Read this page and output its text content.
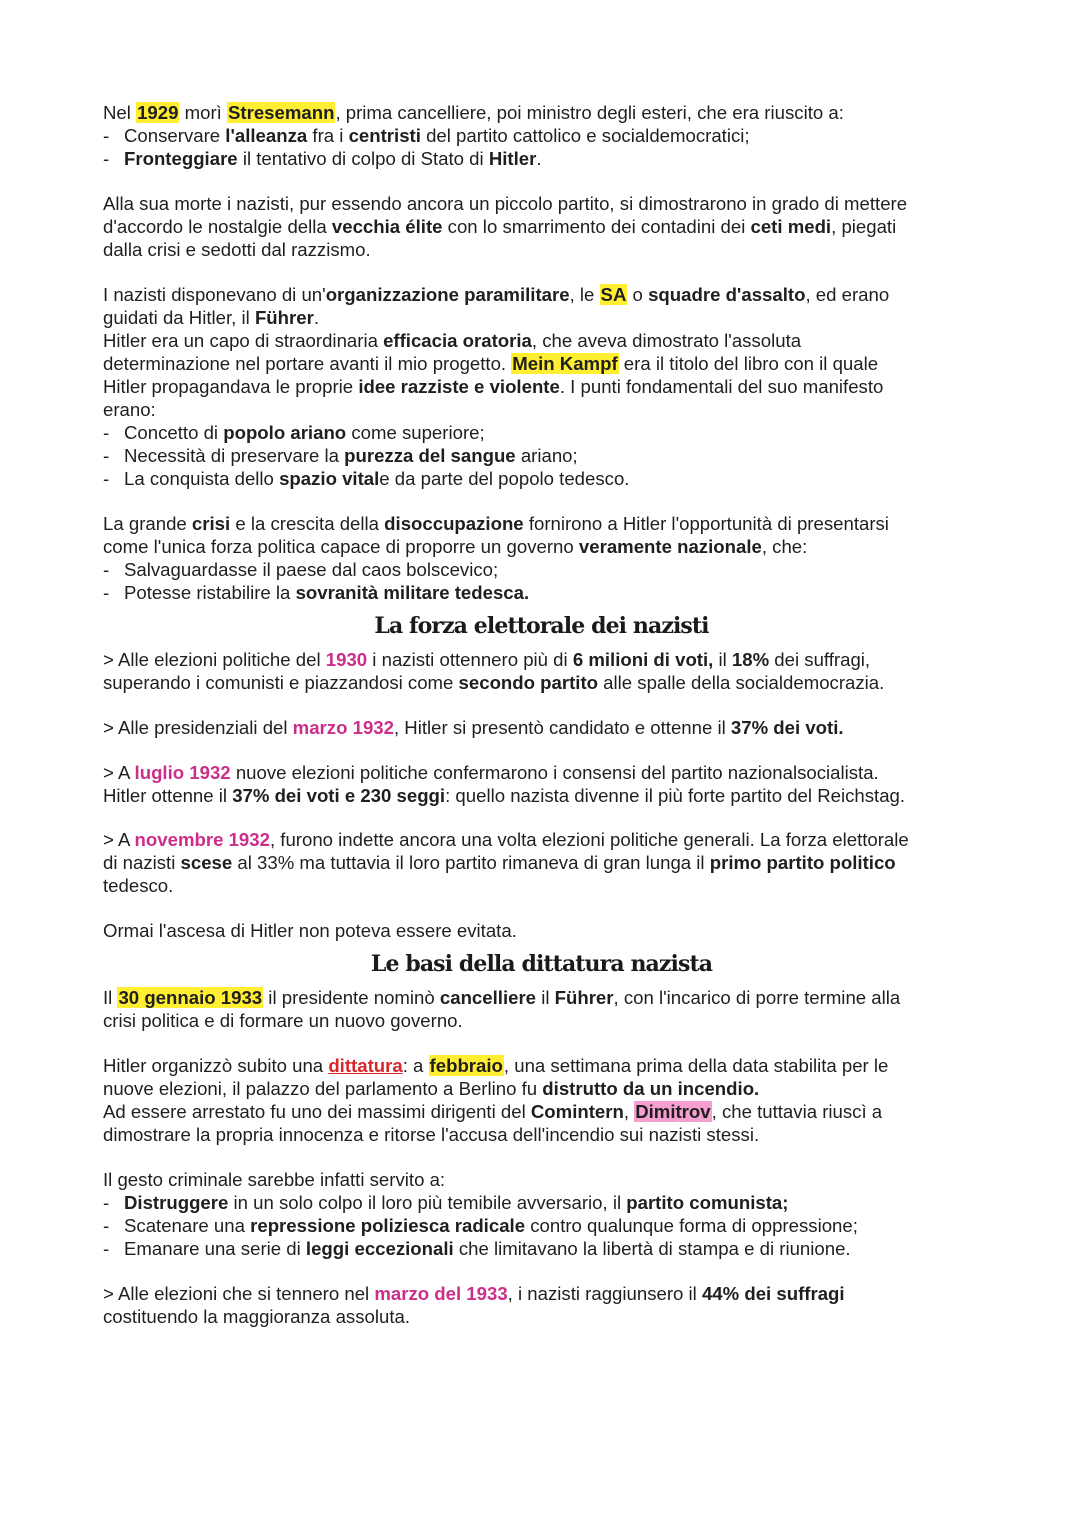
Nel 1929 morì Stresemann, prima cancelliere, poi ministro degli esteri, che era riuscito a:
- Conservare l'alleanza fra i centristi del partito cattolico e socialdemocratici;
- Fronteggiare il tentativo di colpo di Stato di Hitler.
Alla sua morte i nazisti, pur essendo ancora un piccolo partito, si dimostrarono in grado di mettere
d'accordo le nostalgie della vecchia élite con lo smarrimento dei contadini dei ceti medi, piegati
dalla crisi e sedotti dal razzismo.
I nazisti disponevano di un'organizzazione paramilitare, le SA o squadre d'assalto, ed erano
guidati da Hitler, il Führer.
Hitler era un capo di straordinaria efficacia oratoria, che aveva dimostrato l'assoluta
determinazione nel portare avanti il mio progetto. Mein Kampf era il titolo del libro con il quale
Hitler propagandava le proprie idee razziste e violente. I punti fondamentali del suo manifesto
erano:
- Concetto di popolo ariano come superiore;
- Necessità di preservare la purezza del sangue ariano;
- La conquista dello spazio vitale da parte del popolo tedesco.
La grande crisi e la crescita della disoccupazione fornirono a Hitler l'opportunità di presentarsi
come l'unica forza politica capace di proporre un governo veramente nazionale, che:
- Salvaguardasse il paese dal caos bolscevico;
- Potesse ristabilire la sovranità militare tedesca.
La forza elettorale dei nazisti
> Alle elezioni politiche del 1930 i nazisti ottennero più di 6 milioni di voti, il 18% dei suffragi,
superando i comunisti e piazzandosi come secondo partito alle spalle della socialdemocrazia.
> Alle presidenziali del marzo 1932, Hitler si presentò candidato e ottenne il 37% dei voti.
> A luglio 1932 nuove elezioni politiche confermarono i consensi del partito nazionalsocialista.
Hitler ottenne il 37% dei voti e 230 seggi: quello nazista divenne il più forte partito del Reichstag.
> A novembre 1932, furono indette ancora una volta elezioni politiche generali. La forza elettorale
di nazisti scese al 33% ma tuttavia il loro partito rimaneva di gran lunga il primo partito politico
tedesco.
Ormai l'ascesa di Hitler non poteva essere evitata.
Le basi della dittatura nazista
Il 30 gennaio 1933 il presidente nominò cancelliere il Führer, con l'incarico di porre termine alla
crisi politica e di formare un nuovo governo.
Hitler organizzò subito una dittatura: a febbraio, una settimana prima della data stabilita per le
nuove elezioni, il palazzo del parlamento a Berlino fu distrutto da un incendio.
Ad essere arrestato fu uno dei massimi dirigenti del Comintern, Dimitrov, che tuttavia riuscì a
dimostrare la propria innocenza e ritorse l'accusa dell'incendio sui nazisti stessi.
Il gesto criminale sarebbe infatti servito a:
- Distruggere in un solo colpo il loro più temibile avversario, il partito comunista;
- Scatenare una repressione poliziesca radicale contro qualunque forma di oppressione;
- Emanare una serie di leggi eccezionali che limitavano la libertà di stampa e di riunione.
> Alle elezioni che si tennero nel marzo del 1933, i nazisti raggiunsero il 44% dei suffragi
costituendo la maggioranza assoluta.
